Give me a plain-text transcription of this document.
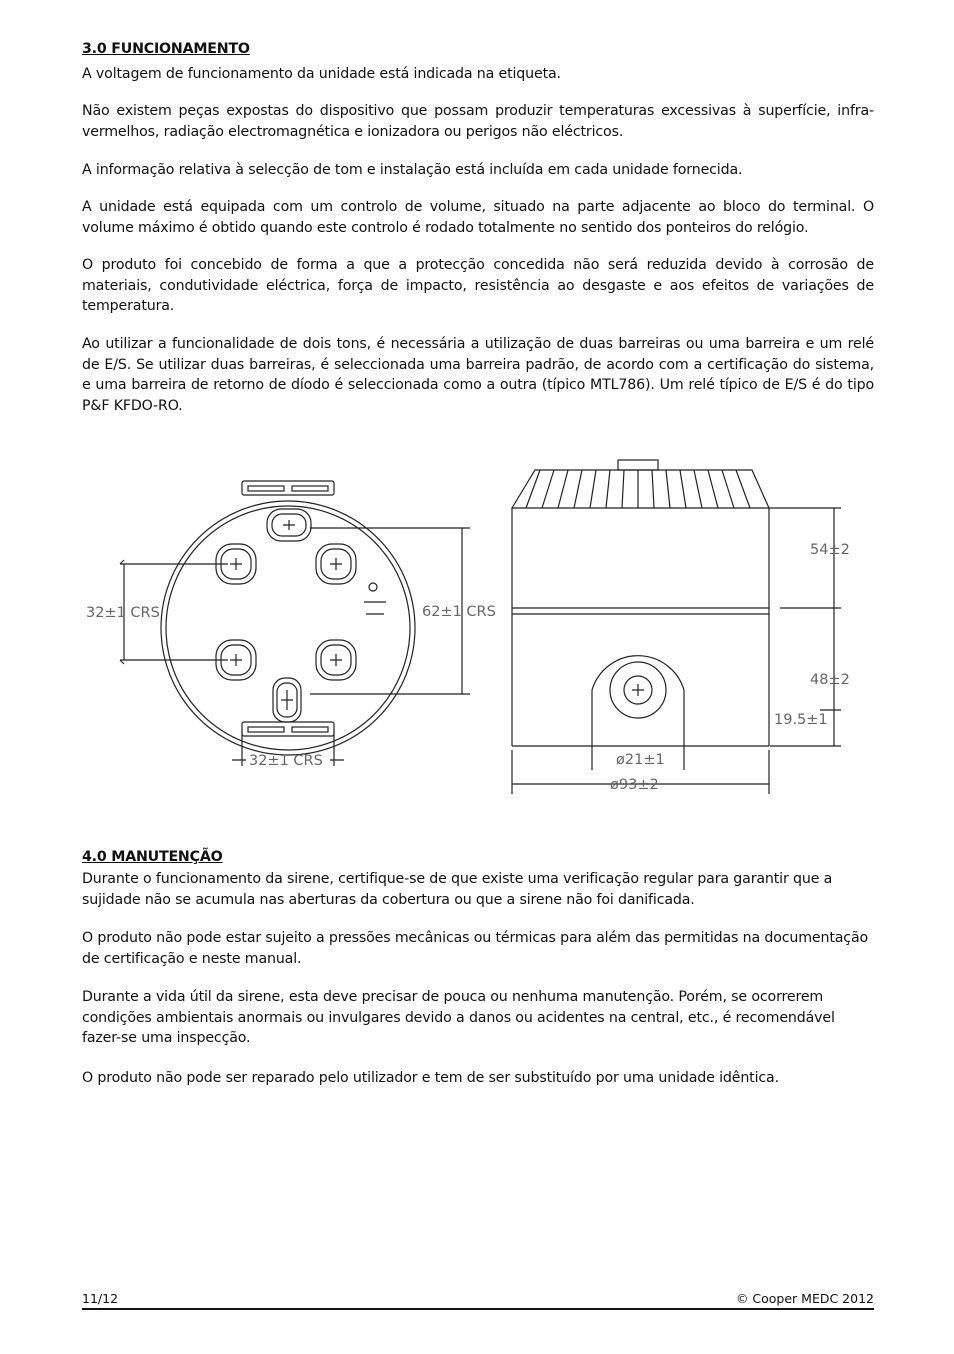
3.0 FUNCIONAMENTO
A voltagem de funcionamento da unidade está indicada na etiqueta.
Não existem peças expostas do dispositivo que possam produzir temperaturas excessivas à superfície, infra-vermelhos, radiação electromagnética e ionizadora ou perigos não eléctricos.
A informação relativa à selecção de tom e instalação está incluída em cada unidade fornecida.
A unidade está equipada com um controlo de volume, situado na parte adjacente ao bloco do terminal. O volume máximo é obtido quando este controlo é rodado totalmente no sentido dos ponteiros do relógio.
O produto foi concebido de forma a que a protecção concedida não será reduzida devido à corrosão de materiais, condutividade eléctrica, força de impacto, resistência ao desgaste e aos efeitos de variações de temperatura.
Ao utilizar a funcionalidade de dois tons, é necessária a utilização de duas barreiras ou uma barreira e um relé de E/S. Se utilizar duas barreiras, é seleccionada uma barreira padrão, de acordo com a certificação do sistema, e uma barreira de retorno de díodo é seleccionada como a outra (típico MTL786). Um relé típico de E/S é do tipo P&F KFDO-RO.
32±1 CRS	62±1 CRS
32±1 CRS
54±2
48±2
19.5±1
ø21±1
ø93±2
4.0 MANUTENÇÃO
Durante o funcionamento da sirene, certifique-se de que existe uma verificação regular para garantir que a sujidade não se acumula nas aberturas da cobertura ou que a sirene não foi danificada.
O produto não pode estar sujeito a pressões mecânicas ou térmicas para além das permitidas na documentação de certificação e neste manual.
Durante a vida útil da sirene, esta deve precisar de pouca ou nenhuma manutenção. Porém, se ocorrerem condições ambientais anormais ou invulgares devido a danos ou acidentes na central, etc., é recomendável fazer-se uma inspecção.
O produto não pode ser reparado pelo utilizador e tem de ser substituído por uma unidade idêntica.
11/12	© Cooper MEDC 2012
